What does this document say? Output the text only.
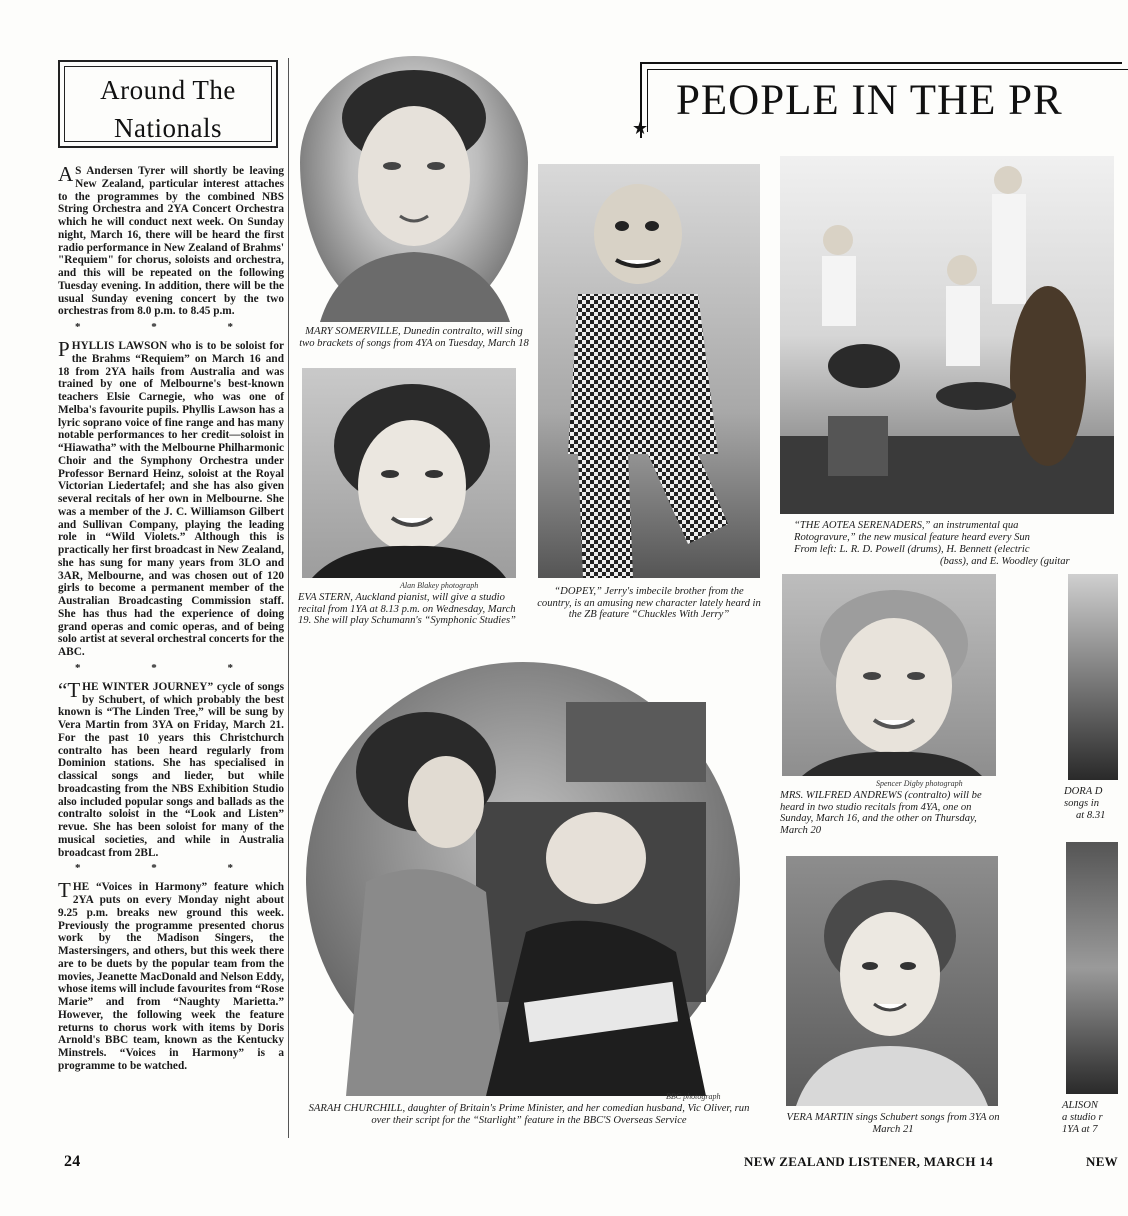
Around The
Nationals

A S Andersen Tyrer will shortly be leaving New Zealand, particular interest attaches to the programmes by the combined NBS String Orchestra and 2YA Concert Orchestra which he will conduct next week. On Sunday night, March 16, there will be heard the first radio performance in New Zealand of Brahms' "Requiem" for chorus, soloists and orchestra, and this will be repeated on the following Tuesday evening. In addition, there will be the usual Sunday evening concert by the two orchestras from 8.0 p.m. to 8.45 p.m.

* * *

PHYLLIS LAWSON who is to be soloist for the Brahms “Requiem” on March 16 and 18 from 2YA hails from Australia and was trained by one of Melbourne's best-known teachers Elsie Carnegie, who was one of Melba's favourite pupils. Phyllis Lawson has a lyric soprano voice of fine range and has many notable performances to her credit—soloist in “Hiawatha” with the Melbourne Philharmonic Choir and the Symphony Orchestra under Professor Bernard Heinz, soloist at the Royal Victorian Liedertafel; and she has also given several recitals of her own in Melbourne. She was a member of the J. C. Williamson Gilbert and Sullivan Company, playing the leading role in “Wild Violets.” Although this is practically her first broadcast in New Zealand, she has sung for many years from 3LO and 3AR, Melbourne, and was chosen out of 120 girls to become a permanent member of the Australian Broadcasting Commission staff. She has thus had the experience of doing grand operas and comic operas, and of being solo artist at several orchestral concerts for the ABC.

* * *

“THE WINTER JOURNEY” cycle of songs by Schubert, of which probably the best known is “The Linden Tree,” will be sung by Vera Martin from 3YA on Friday, March 21. For the past 10 years this Christchurch contralto has been heard regularly from Dominion stations. She has specialised in classical songs and lieder, but while broadcasting from the NBS Exhibition Studio also included popular songs and ballads as the contralto soloist in the “Look and Listen” revue. She has been soloist for many of the musical societies, and while in Australia broadcast from 2BL.

* * *

THE “Voices in Harmony” feature which 2YA puts on every Monday night about 9.25 p.m. breaks new ground this week. Previously the programme presented chorus work by the Madison Singers, the Mastersingers, and others, but this week there are to be duets by the popular team from the movies, Jeanette MacDonald and Nelson Eddy, whose items will include favourites from “Rose Marie” and from “Naughty Marietta.” However, the following week the feature returns to chorus work with items by Doris Arnold's BBC team, known as the Kentucky Minstrels. “Voices in Harmony” is a programme to be watched.

PEOPLE IN THE PR
★
MARY SOMERVILLE, Dunedin contralto, will sing two brackets of songs from 4YA on Tuesday, March 18
Alan Blakey photograph
EVA STERN, Auckland pianist, will give a studio recital from 1YA at 8.13 p.m. on Wednesday, March 19. She will play Schumann's “Symphonic Studies”
“DOPEY,” Jerry's imbecile brother from the country, is an amusing new character lately heard in the ZB feature “Chuckles With Jerry”
“THE AOTEA SERENADERS,” an instrumental qua
Rotogravure,” the new musical feature heard every Sun
From left: L. R. D. Powell (drums), H. Bennett (electric
(bass), and E. Woodley (guitar
Spencer Digby photograph
MRS. WILFRED ANDREWS (contralto) will be heard in two studio recitals from 4YA, one on Sunday, March 16, and the other on Thursday, March 20
DORA D
songs in
at 8.31
BBC photograph
SARAH CHURCHILL, daughter of Britain's Prime Minister, and her comedian husband, Vic Oliver, run over their script for the “Starlight” feature in the BBC'S Overseas Service	VERA MARTIN sings Schubert songs from 3YA on March 21
ALISON
a studio r
1YA at 7
24	NEW ZEALAND LISTENER, MARCH 14	NEW
